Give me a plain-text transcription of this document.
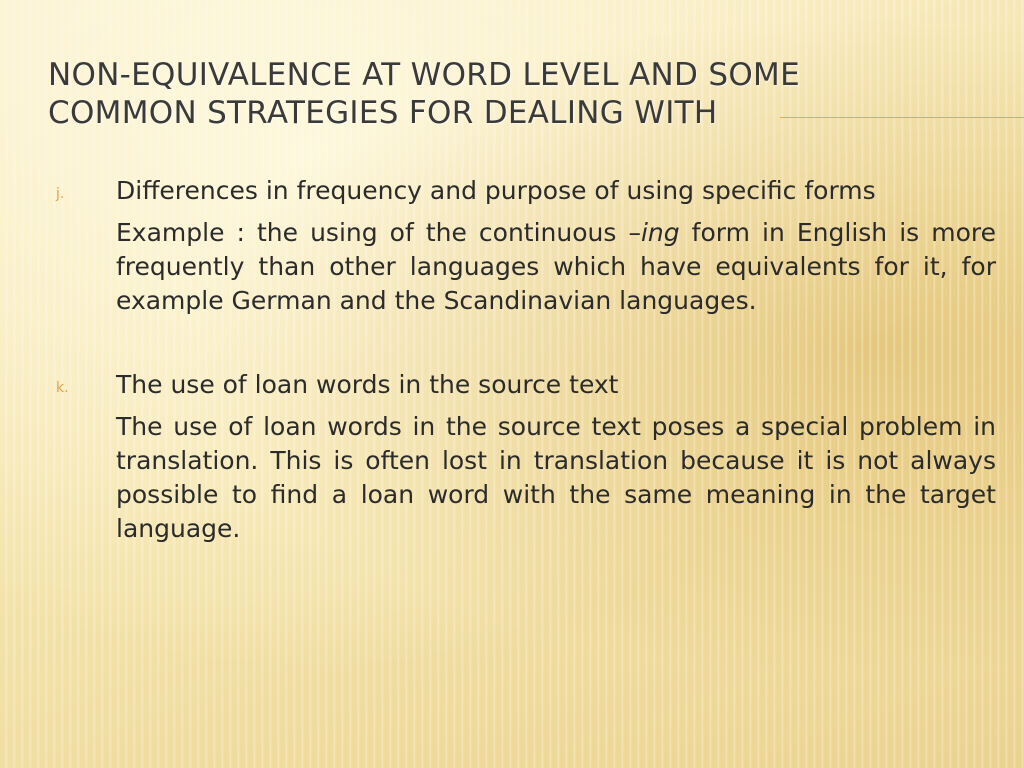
NON-EQUIVALENCE AT WORD LEVEL AND SOME
COMMON STRATEGIES FOR DEALING WITH
j. Differences in frequency and purpose of using specific forms

Example : the using of the continuous –ing form in English is more frequently than other languages which have equivalents for it, for example German and the Scandinavian languages.

k. The use of loan words in the source text

The use of loan words in the source text poses a special problem in translation. This is often lost in translation because it is not always possible to find a loan word with the same meaning in the target language.
